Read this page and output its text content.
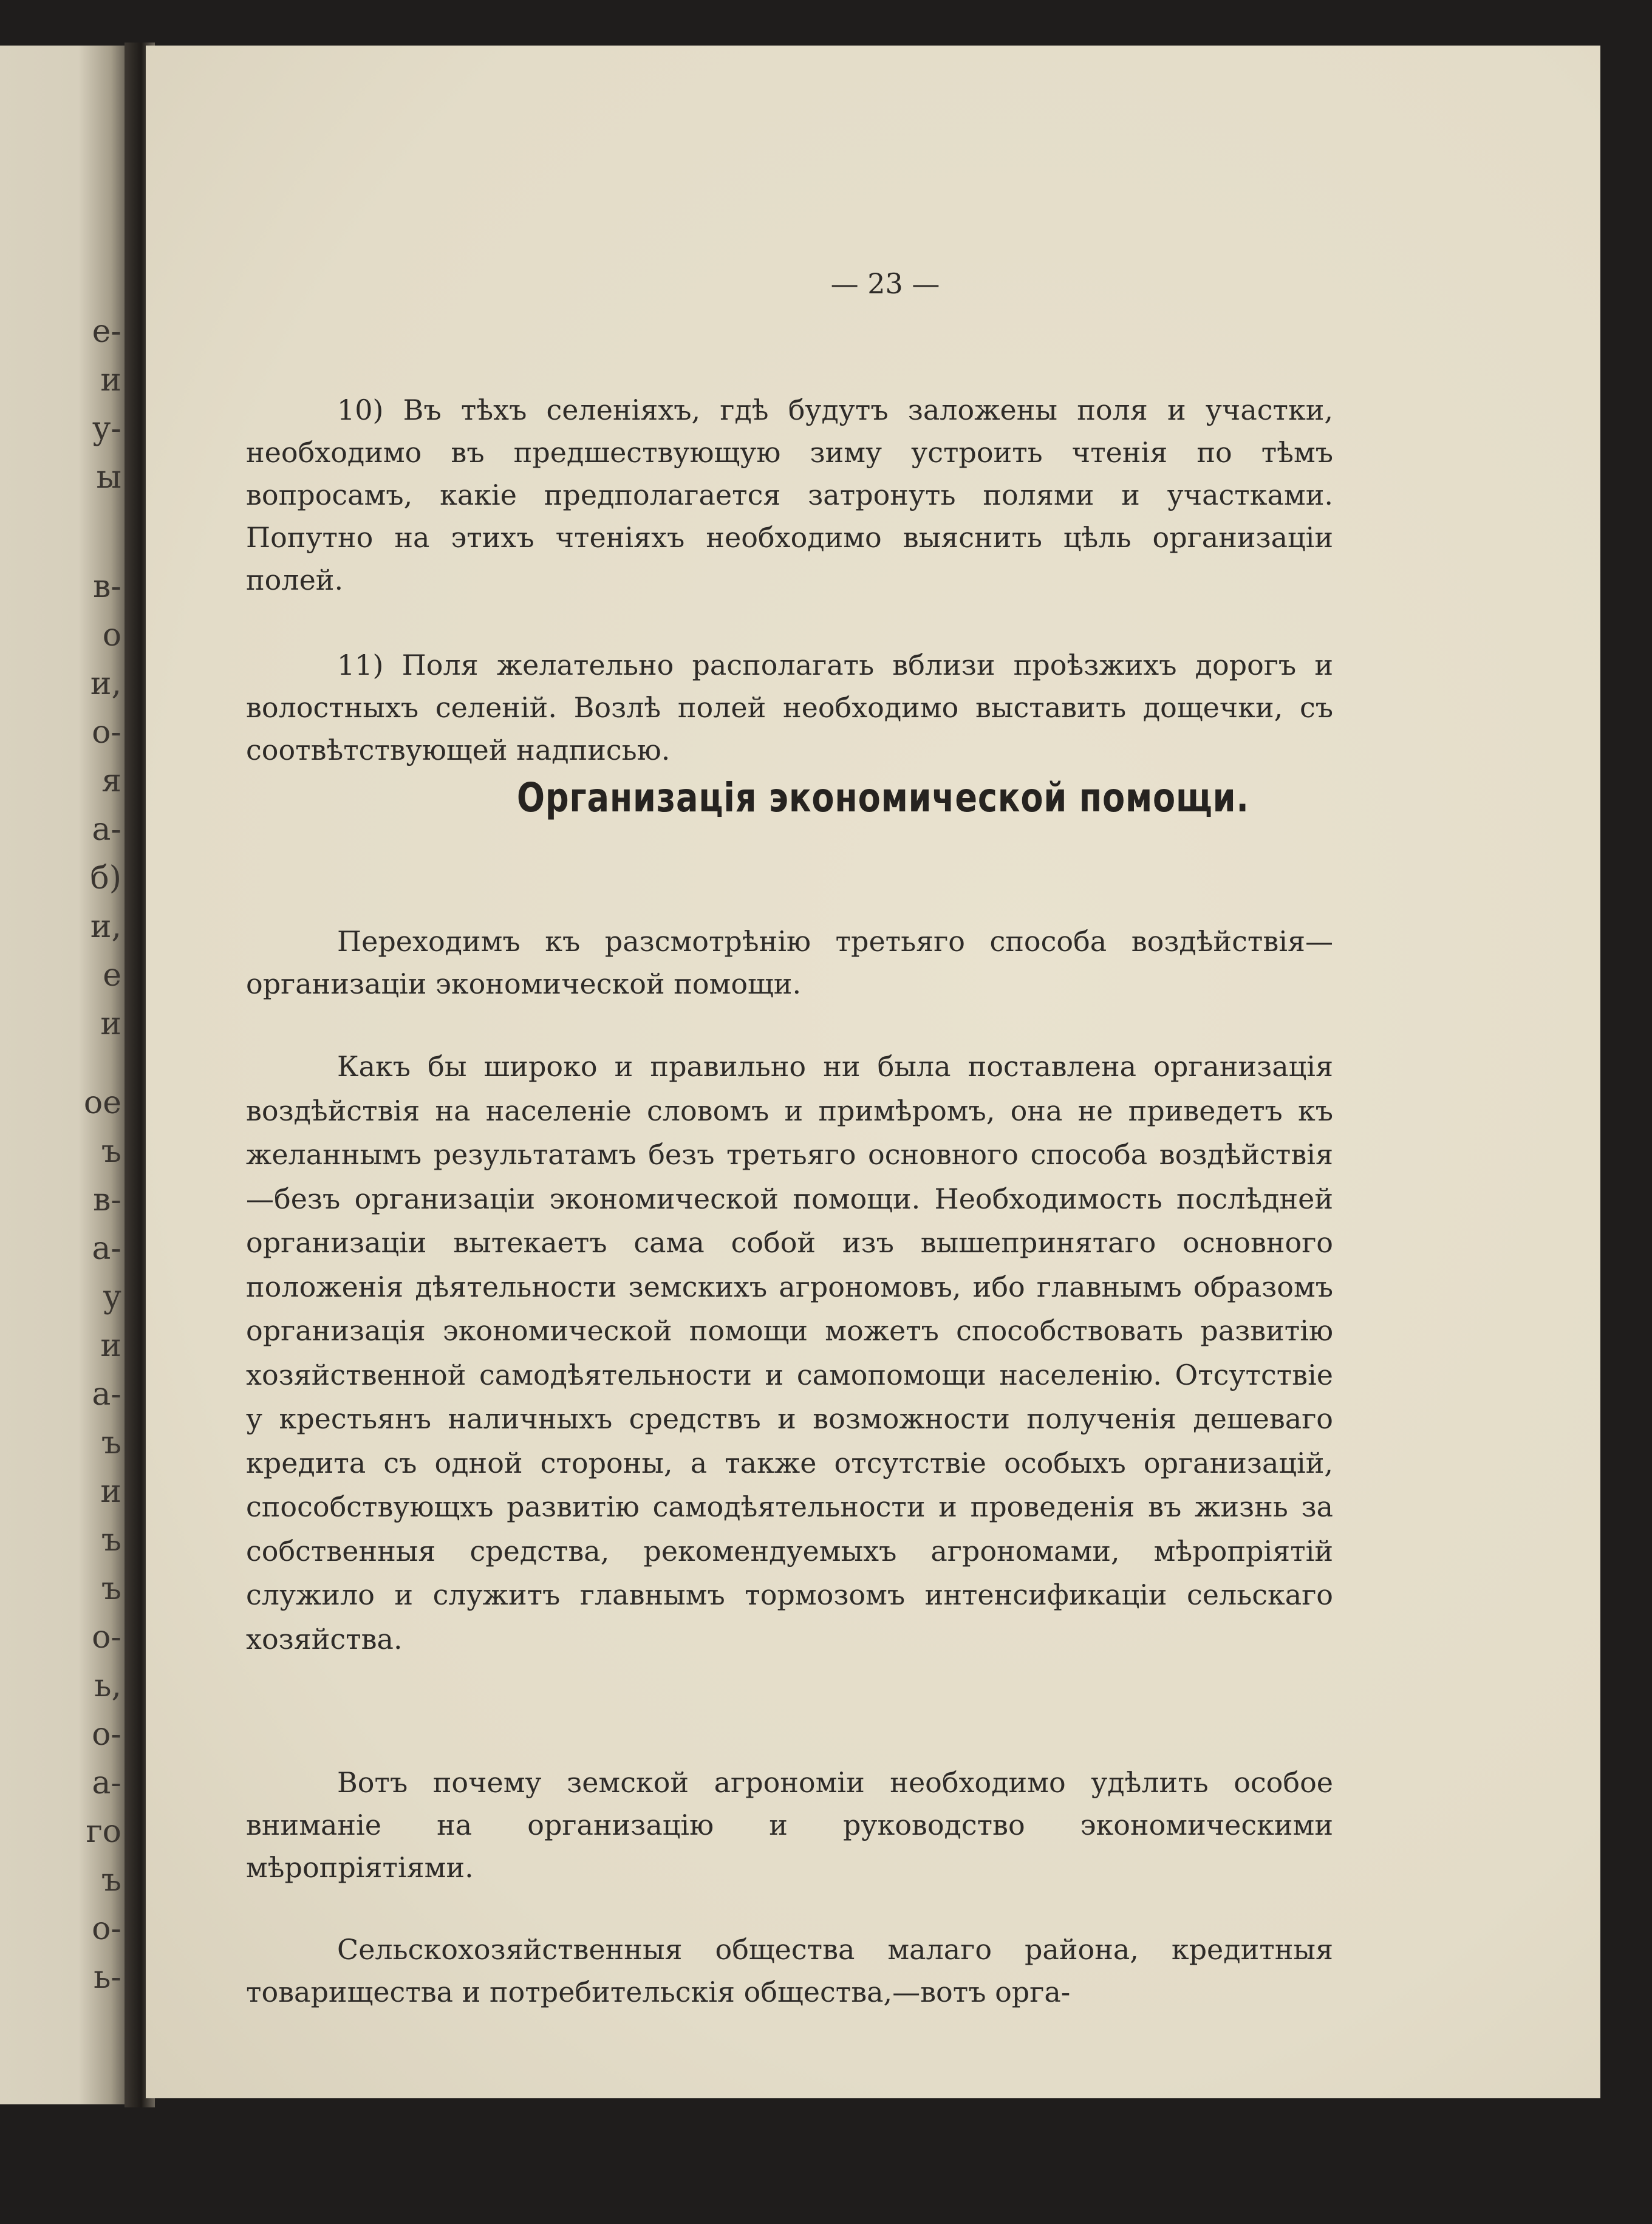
е-
и
у-
ы
в-
о
и,
о-
я
а-
б)
и,
е
и
ое
ъ
в-
а-
у
и
а-
ъ
и
ъ
ъ
о-
ь,
о-
а-
го
ъ
о-
ь-
— 23 —

10) Въ тѣхъ селеніяхъ, гдѣ будутъ заложены поля и участки, необходимо въ предшествующую зиму устроить чтенія по тѣмъ вопросамъ, какіе предполагается затронуть полями и участками. Попутно на этихъ чтеніяхъ необходимо выяснить цѣль организаціи полей.

11) Поля желательно располагать вблизи проѣзжихъ дорогъ и волостныхъ селеній. Возлѣ полей необходимо выставить дощечки, съ соотвѣтствующей надписью.

Организація экономической помощи.

Переходимъ къ разсмотрѣнію третьяго способа воздѣйствія—организаціи экономической помощи.

Какъ бы широко и правильно ни была поставлена организація воздѣйствія на населеніе словомъ и примѣромъ, она не приведетъ къ желаннымъ результатамъ безъ третьяго основного способа воздѣйствія—безъ организаціи экономической помощи. Необходимость послѣдней организаціи вытекаетъ сама собой изъ вышепринятаго основного положенія дѣятельности земскихъ агрономовъ, ибо главнымъ образомъ организація экономической помощи можетъ способствовать развитію хозяйственной самодѣятельности и самопомощи населенію. Отсутствіе у крестьянъ наличныхъ средствъ и возможности полученія дешеваго кредита съ одной стороны, а также отсутствіе особыхъ организацій, способствующхъ развитію самодѣятельности и проведенія въ жизнь за собственныя средства, рекомендуемыхъ агрономами, мѣропріятій служило и служитъ главнымъ тормозомъ интенсификаціи сельскаго хозяйства.

Вотъ почему земской агрономіи необходимо удѣлить особое вниманіе на организацію и руководство экономическими мѣропріятіями.

Сельскохозяйственныя общества малаго района, кредитныя товарищества и потребительскія общества,—вотъ орга-
